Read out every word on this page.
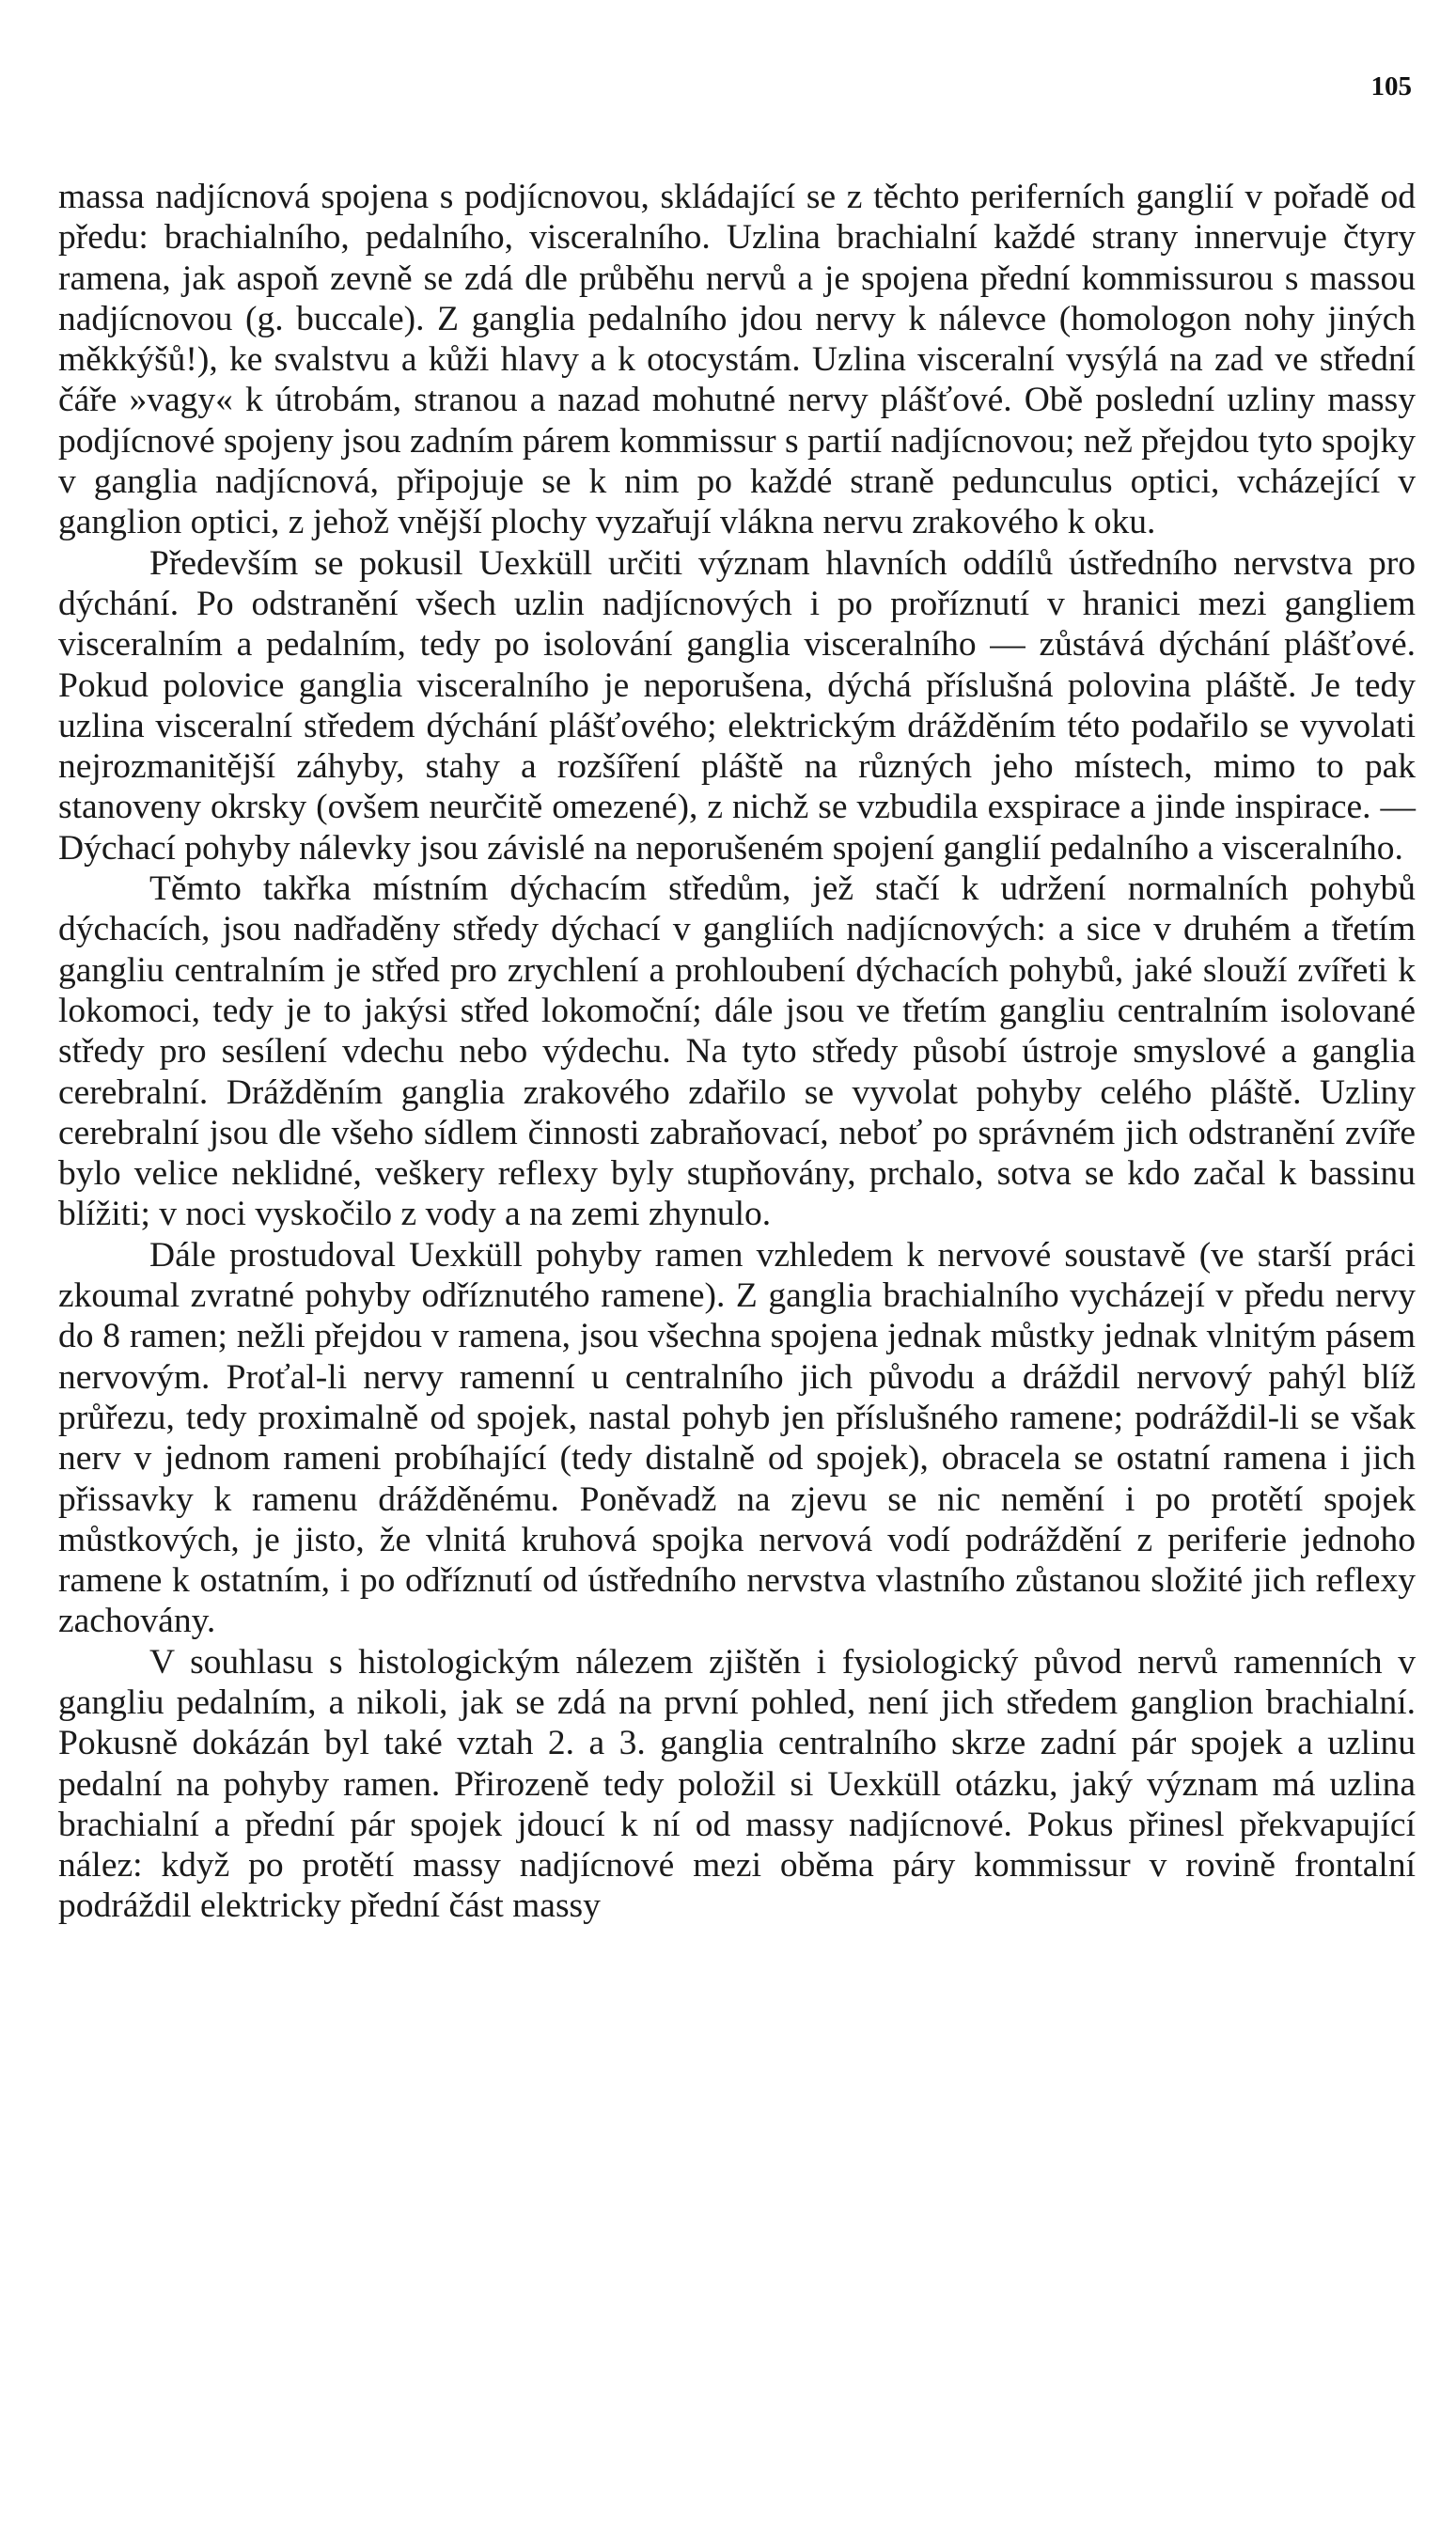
105

massa nadjícnová spojena s podjícnovou, skládající se z těchto periferních ganglií v pořadě od předu: brachialního, pedalního, visceralního. Uzlina brachialní každé strany innervuje čtyry ramena, jak aspoň zevně se zdá dle průběhu nervů a je spojena přední kommissurou s massou nadjícnovou (g. buccale). Z ganglia pedalního jdou nervy k nálevce (homologon nohy jiných měkkýšů!), ke svalstvu a kůži hlavy a k otocystám. Uzlina visceralní vysýlá na zad ve střední čáře »vagy« k útrobám, stranou a nazad mohutné nervy plášťové. Obě poslední uzliny massy podjícnové spojeny jsou zadním párem kommissur s partií nadjícnovou; než přejdou tyto spojky v ganglia nadjícnová, připojuje se k nim po každé straně pedunculus optici, vcházející v ganglion optici, z jehož vnější plochy vyzařují vlákna nervu zrakového k oku.

Především se pokusil Uexküll určiti význam hlavních oddílů ústředního nervstva pro dýchání. Po odstranění všech uzlin nadjícnových i po proříznutí v hranici mezi gangliem visceralním a pedalním, tedy po isolování ganglia visceralního — zůstává dýchání plášťové. Pokud polovice ganglia visceralního je neporušena, dýchá příslušná polovina pláště. Je tedy uzlina visceralní středem dýchání plášťového; elektrickým drážděním této podařilo se vyvolati nejrozmanitější záhyby, stahy a rozšíření pláště na různých jeho místech, mimo to pak stanoveny okrsky (ovšem neurčitě omezené), z nichž se vzbudila exspirace a jinde inspirace. — Dýchací pohyby nálevky jsou závislé na neporušeném spojení ganglií pedalního a visceralního.

Těmto takřka místním dýchacím středům, jež stačí k udržení normalních pohybů dýchacích, jsou nadřaděny středy dýchací v gangliích nadjícnových: a sice v druhém a třetím gangliu centralním je střed pro zrychlení a prohloubení dýchacích pohybů, jaké slouží zvířeti k lokomoci, tedy je to jakýsi střed lokomoční; dále jsou ve třetím gangliu centralním isolované středy pro sesílení vdechu nebo výdechu. Na tyto středy působí ústroje smyslové a ganglia cerebralní. Drážděním ganglia zrakového zdařilo se vyvolat pohyby celého pláště. Uzliny cerebralní jsou dle všeho sídlem činnosti zabraňovací, neboť po správném jich odstranění zvíře bylo velice neklidné, veškery reflexy byly stupňovány, prchalo, sotva se kdo začal k bassinu blížiti; v noci vyskočilo z vody a na zemi zhynulo.

Dále prostudoval Uexküll pohyby ramen vzhledem k nervové soustavě (ve starší práci zkoumal zvratné pohyby odříznutého ramene). Z ganglia brachialního vycházejí v předu nervy do 8 ramen; nežli přejdou v ramena, jsou všechna spojena jednak můstky jednak vlnitým pásem nervovým. Proťal-li nervy ramenní u centralního jich původu a dráždil nervový pahýl blíž průřezu, tedy proximalně od spojek, nastal pohyb jen příslušného ramene; podráždil-li se však nerv v jednom rameni probíhající (tedy distalně od spojek), obracela se ostatní ramena i jich přissavky k ramenu drážděnému. Poněvadž na zjevu se nic nemění i po protětí spojek můstkových, je jisto, že vlnitá kruhová spojka nervová vodí podráždění z periferie jednoho ramene k ostatním, i po odříznutí od ústředního nervstva vlastního zůstanou složité jich reflexy zachovány.

V souhlasu s histologickým nálezem zjištěn i fysiologický původ nervů ramenních v gangliu pedalním, a nikoli, jak se zdá na první pohled, není jich středem ganglion brachialní. Pokusně dokázán byl také vztah 2. a 3. ganglia centralního skrze zadní pár spojek a uzlinu pedalní na pohyby ramen. Přirozeně tedy položil si Uexküll otázku, jaký význam má uzlina brachialní a přední pár spojek jdoucí k ní od massy nadjícnové. Pokus přinesl překvapující nález: když po protětí massy nadjícnové mezi oběma páry kommissur v rovině frontalní podráždil elektricky přední část massy
